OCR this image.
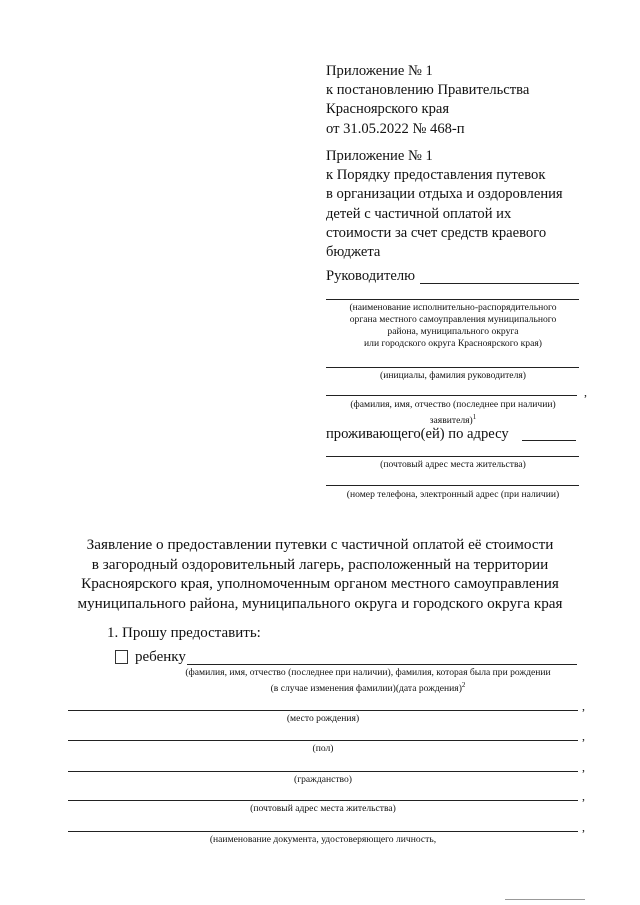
Приложение № 1
к постановлению Правительства
Красноярского края
от 31.05.2022 № 468-п
Приложение № 1
к Порядку предоставления путевок
в организации отдыха и оздоровления
детей с частичной оплатой их
стоимости за счет средств краевого
бюджета
Руководителю
(наименование исполнительно-распорядительного
органа местного самоуправления муниципального
района, муниципального округа
или городского округа Красноярского края)
(инициалы, фамилия руководителя)
,
(фамилия, имя, отчество (последнее при наличии)
заявителя)$^1$
проживающего(ей) по адресу
(почтовый адрес места жительства)
(номер телефона, электронный адрес (при наличии)
Заявление о предоставлении путевки с частичной оплатой её стоимости
в загородный оздоровительный лагерь, расположенный на территории
Красноярского края, уполномоченным органом местного самоуправления
муниципального района, муниципального округа и городского округа края
1. Прошу предоставить:
ребенку
(фамилия, имя, отчество (последнее при наличии), фамилия, которая была при рождении
(в случае изменения фамилии)(дата рождения)$^2$
,
(место рождения)
,
(пол)
,
(гражданство)
,
(почтовый адрес места жительства)
,
(наименование документа, удостоверяющего личность,
